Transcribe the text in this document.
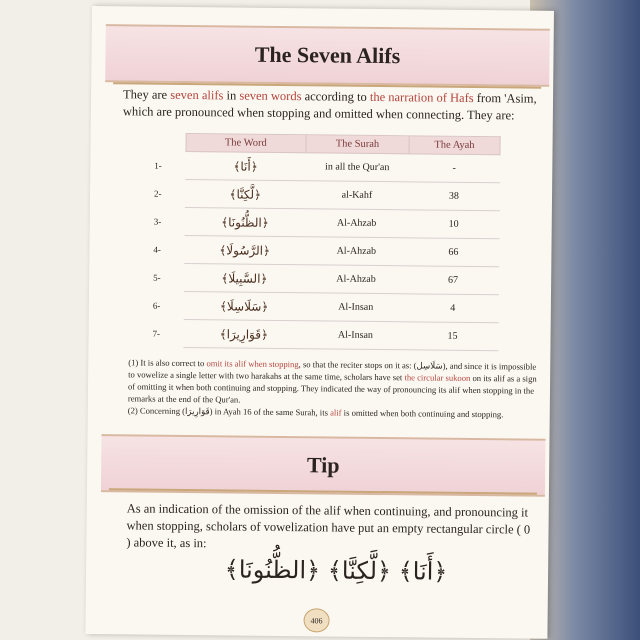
The Seven Alifs
They are seven alifs in seven words according to the narration of Hafs from 'Asim, which are pronounced when stopping and omitted when connecting. They are:
	The Word	The Surah	The Ayah
1-	﴿أَنَا﴾	in all the Qur'an	-
2-	﴿لَّكِنَّا﴾	al-Kahf	38
3-	﴿الظُّنُونَا﴾	Al-Ahzab	10
4-	﴿الرَّسُولَا﴾	Al-Ahzab	66
5-	﴿السَّبِيلَا﴾	Al-Ahzab	67
6-	﴿سَلَاسِلَا﴾	Al-Insan	4
7-	﴿قَوَارِيرَا﴾	Al-Insan	15
(1) It is also correct to omit its alif when stopping, so that the reciter stops on it as: (سَلَاسِل), and since it is impossible to vowelize a single letter with two harakahs at the same time, scholars have set the circular sukoon on its alif as a sign of omitting it when both continuing and stopping. They indicated the way of pronouncing its alif when stopping in the remarks at the end of the Qur'an.
(2) Concerning (قَوَارِيرَا) in Ayah 16 of the same Surah, its alif is omitted when both continuing and stopping.
Tip
As an indication of the omission of the alif when continuing, and pronouncing it when stopping, scholars of vowelization have put an empty rectangular circle ( 0 ) above it, as in:
﴿أَنَا﴾ ﴿لَّكِنَّا﴾ ﴿الظُّنُونَا﴾
406
